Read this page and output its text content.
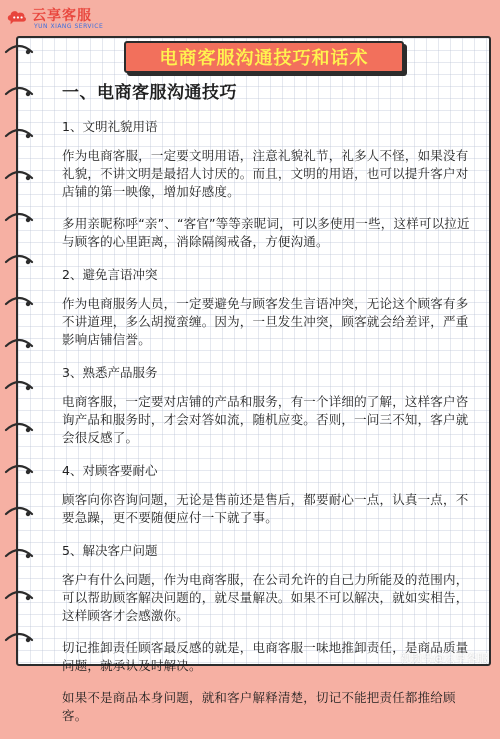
云享客服
YUN XIANG SERVICE
电商客服沟通技巧和话术
一、电商客服沟通技巧
1、文明礼貌用语

作为电商客服，一定要文明用语，注意礼貌礼节，礼多人不怪，如果没有礼貌，不讲文明是最招人讨厌的。而且，文明的用语，也可以提升客户对店铺的第一映像，增加好感度。

多用亲昵称呼“亲”、“客官”等等亲昵词，可以多使用一些，这样可以拉近与顾客的心里距离，消除隔阂戒备，方便沟通。

2、避免言语冲突

作为电商服务人员，一定要避免与顾客发生言语冲突，无论这个顾客有多不讲道理，多么胡搅蛮缠。因为，一旦发生冲突，顾客就会给差评，严重影响店铺信誉。

3、熟悉产品服务

电商客服，一定要对店铺的产品和服务，有一个详细的了解，这样客户咨询产品和服务时，才会对答如流，随机应变。否则，一问三不知，客户就会很反感了。

4、对顾客要耐心

顾客向你咨询问题，无论是售前还是售后，都要耐心一点，认真一点，不要急躁，更不要随便应付一下就了事。

5、解决客户问题

客户有什么问题，作为电商客服，在公司允许的自己力所能及的范围内，可以帮助顾客解决问题的，就尽量解决。如果不可以解决，就如实相告，这样顾客才会感激你。

切记推卸责任顾客最反感的就是，电商客服一味地推卸责任，是商品质量问题，就承认及时解决。

如果不是商品本身问题，就和客户解释清楚，切记不能把责任都推给顾客。

视频号@云享客服
